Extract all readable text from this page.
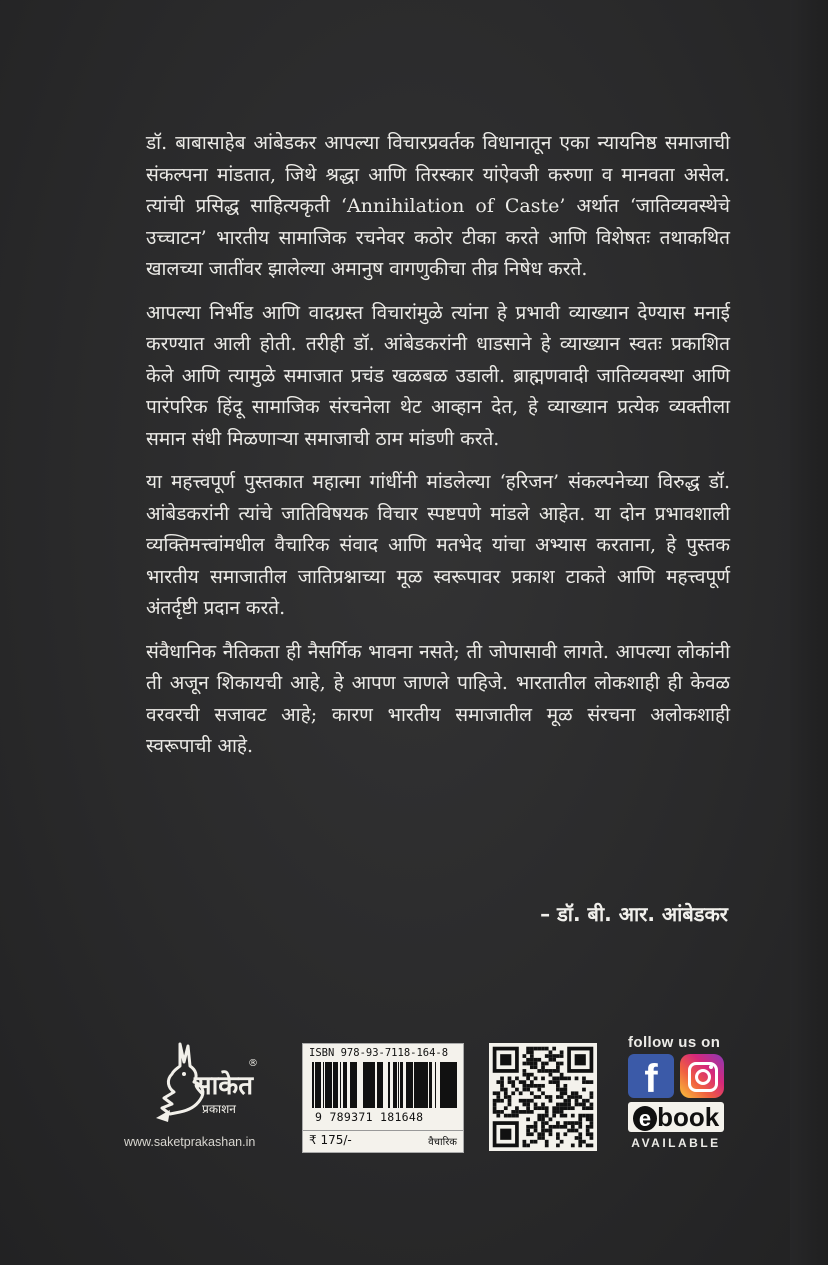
डॉ. बाबासाहेब आंबेडकर आपल्या विचारप्रवर्तक विधानातून एका न्यायनिष्ठ समाजाची संकल्पना मांडतात, जिथे श्रद्धा आणि तिरस्कार यांऐवजी करुणा व मानवता असेल. त्यांची प्रसिद्ध साहित्यकृती ‘Annihilation of Caste’ अर्थात ‘जातिव्यवस्थेचे उच्चाटन’ भारतीय सामाजिक रचनेवर कठोर टीका करते आणि विशेषतः तथाकथित खालच्या जातींवर झालेल्या अमानुष वागणुकीचा तीव्र निषेध करते.

आपल्या निर्भीड आणि वादग्रस्त विचारांमुळे त्यांना हे प्रभावी व्याख्यान देण्यास मनाई करण्यात आली होती. तरीही डॉ. आंबेडकरांनी धाडसाने हे व्याख्यान स्वतः प्रकाशित केले आणि त्यामुळे समाजात प्रचंड खळबळ उडाली. ब्राह्मणवादी जातिव्यवस्था आणि पारंपरिक हिंदू सामाजिक संरचनेला थेट आव्हान देत, हे व्याख्यान प्रत्येक व्यक्तीला समान संधी मिळणाऱ्या समाजाची ठाम मांडणी करते.

या महत्त्वपूर्ण पुस्तकात महात्मा गांधींनी मांडलेल्या ‘हरिजन’ संकल्पनेच्या विरुद्ध डॉ. आंबेडकरांनी त्यांचे जातिविषयक विचार स्पष्टपणे मांडले आहेत. या दोन प्रभावशाली व्यक्तिमत्त्वांमधील वैचारिक संवाद आणि मतभेद यांचा अभ्यास करताना, हे पुस्तक भारतीय समाजातील जातिप्रश्नाच्या मूळ स्वरूपावर प्रकाश टाकते आणि महत्त्वपूर्ण अंतर्दृष्टी प्रदान करते.

संवैधानिक नैतिकता ही नैसर्गिक भावना नसते; ती जोपासावी लागते. आपल्या लोकांनी ती अजून शिकायची आहे, हे आपण जाणले पाहिजे. भारतातील लोकशाही ही केवळ वरवरची सजावट आहे; कारण भारतीय समाजातील मूळ संरचना अलोकशाही स्वरूपाची आहे.

– डॉ. बी. आर. आंबेडकर
साकेत
प्रकाशन
®
www.saketprakashan.in
ISBN 978-93-7118-164-8
9 789371 181648
₹ 175/-	वैचारिक
follow us on
f
e book
AVAILABLE
